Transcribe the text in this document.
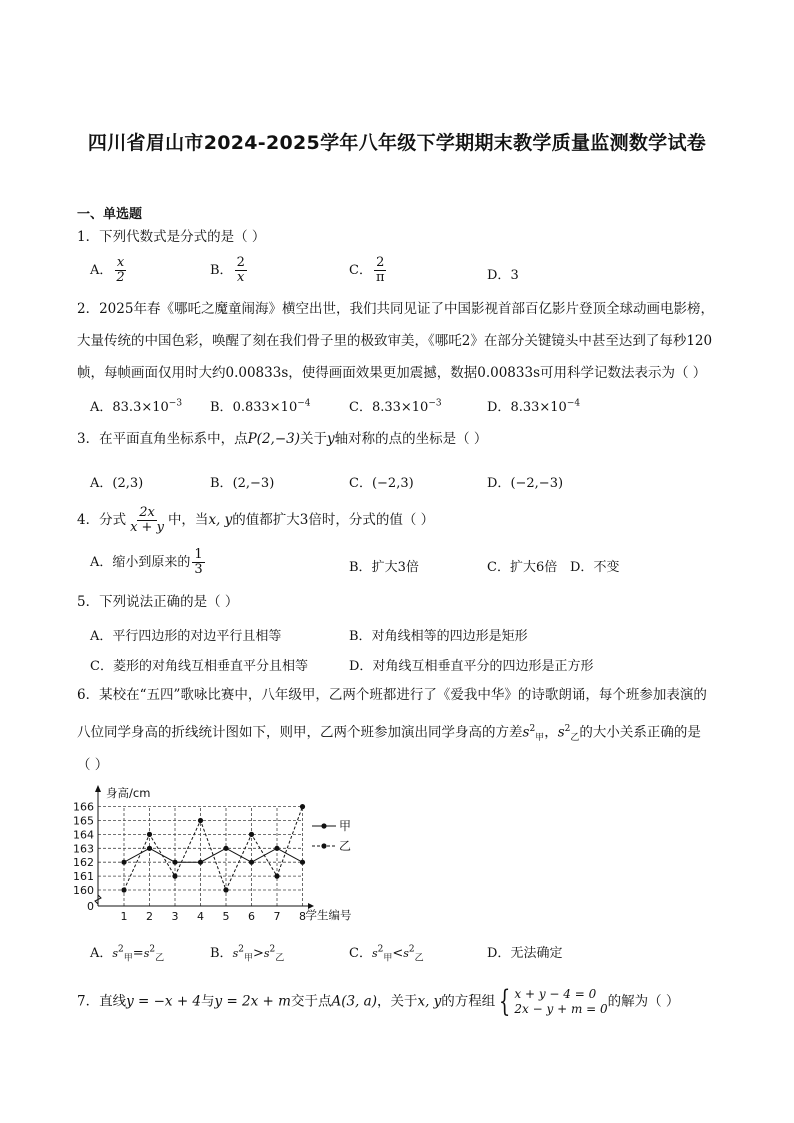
四川省眉山市2024-2025学年八年级下学期期末教学质量监测数学试卷
一、单选题
1．下列代数式是分式的是（ ）
A． $\frac{x}{2}$	B． $\frac{2}{x}$	C． $\frac{2}{\pi}$	D．3
2．2025年春《哪吒之魔童闹海》横空出世，我们共同见证了中国影视首部百亿影片登顶全球动画电影榜，
大量传统的中国色彩，唤醒了刻在我们骨子里的极致审美，《哪吒2》在部分关键镜头中甚至达到了每秒120
帧，每帧画面仅用时大约0.00833s，使得画面效果更加震撼，数据0.00833s可用科学记数法表示为（ ）
A．$83.3\times 10^{-3}$ B．$0.833\times 10^{-4}$	C．$8.33\times 10^{-3}$	D．$8.33\times 10^{-4}$
3．在平面直角坐标系中，点P(2,−3)关于y轴对称的点的坐标是（ ）
A．(2,3)	B．(2,−3)	C．(−2,3)	D．(−2,−3)
4．分式 $\frac{2x}{x + y}$ 中，当x, y的值都扩大3倍时，分式的值（ ）
A．缩小到原来的 $\frac{1}{3}$	B．扩大3倍	C．扩大6倍 D．不变
5．下列说法正确的是（ ）
A．平行四边形的对边平行且相等	B．对角线相等的四边形是矩形
C．菱形的对角线互相垂直平分且相等	D．对角线互相垂直平分的四边形是正方形
6．某校在“五四”歌咏比赛中，八年级甲，乙两个班都进行了《爱我中华》的诗歌朗诵，每个班参加表演的
八位同学身高的折线统计图如下，则甲，乙两个班参加演出同学身高的方差$s^2_甲$，$s^2_乙$的大小关系正确的是
（ ）
0
160
161
162
163
164
165
166
1 2 3 4 5 6 7 8
身高/cm
学生编号
甲
乙
A．$s^2_甲=s^2_乙$	B．$s^2_甲>s^2_乙$	C．$s^2_甲<s^2_乙$	D．无法确定
7．直线y = −x + 4与y = 2x + m交于点A(3, a)，关于x, y的方程组 { x + y − 4 = 0
2x − y + m = 0 的解为（ ）
